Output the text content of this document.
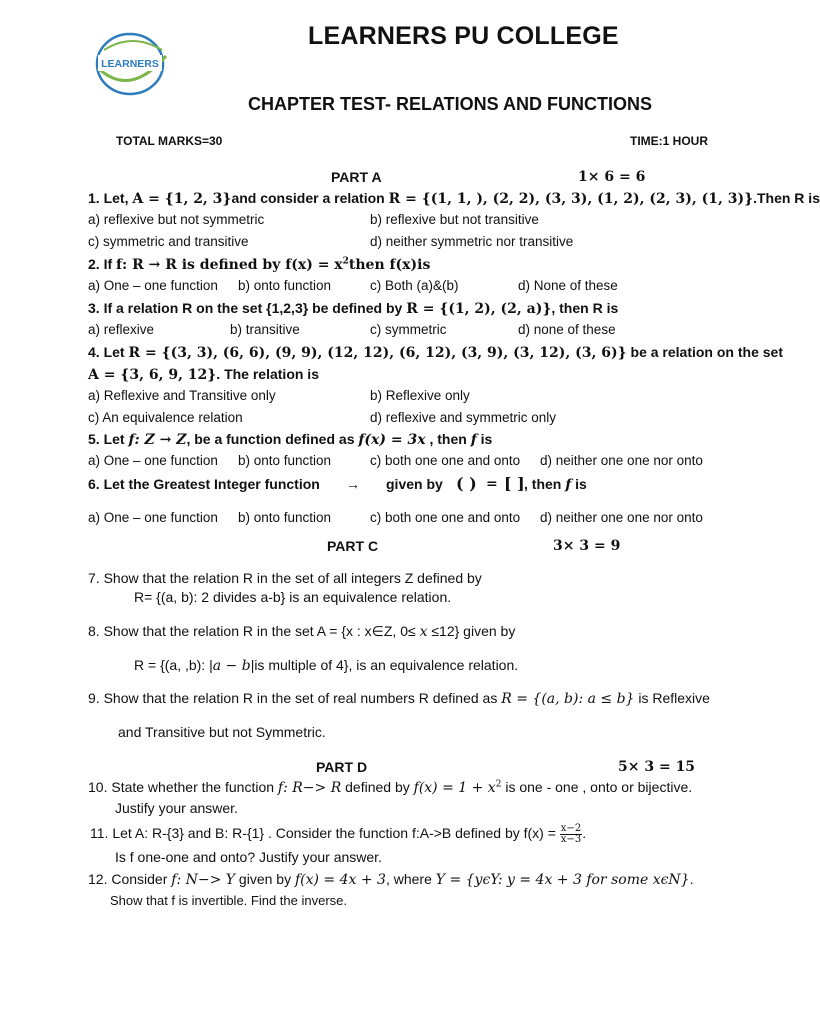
LEARNERS
LEARNERS PU COLLEGE
CHAPTER TEST- RELATIONS AND FUNCTIONS
TOTAL MARKS=30	TIME:1 HOUR
PART A	1× 6 = 6
1. Let, A = {1, 2, 3}and consider a relation R = {(1, 1, ), (2, 2), (3, 3), (1, 2), (2, 3), (1, 3)}.Then R is
a) reflexive but not symmetric	b) reflexive but not transitive
c) symmetric and transitive	d) neither symmetric nor transitive
2. If f: R → R is defined by $f(x) = x^2then$ f(x)is
a) One – one function b) onto function	c) Both (a)&(b)	d) None of these
3. If a relation R on the set {1,2,3} be defined by R = {(1, 2), (2, a)}, then R is
a) reflexive	b) transitive	c) symmetric	d) none of these
4. Let R = {(3, 3), (6, 6), (9, 9), (12, 12), (6, 12), (3, 9), (3, 12), (3, 6)} be a relation on the set
A = {3, 6, 9, 12}. The relation is
a) Reflexive and Transitive only	b) Reflexive only
c) An equivalence relation	d) reflexive and symmetric only
5. Let f: Z → Z, be a function defined as f(x) = 3x , then f is
a) One – one function b) onto function	c) both one one and onto d) neither one one nor onto
6. Let the Greatest Integer function → given by ( ) = [ ] , then f is
a) One – one function b) onto function	c) both one one and onto d) neither one one nor onto
PART C	3× 3 = 9
7. Show that the relation R in the set of all integers Z defined by
R= {(a, b): 2 divides a-b} is an equivalence relation.
8. Show that the relation R in the set A = {x : x∈Z, 0≤ x ≤12} given by
R = {(a, ,b): |a − b|is multiple of 4}, is an equivalence relation.
9. Show that the relation R in the set of real numbers R defined as R = {(a, b): a ≤ b} is Reflexive
and Transitive but not Symmetric.
PART D	5× 3 = 15
10. State whether the function f: R−> R defined by $f(x) = 1 + x^2$ is one - one , onto or bijective.
Justify your answer.
11. Let A: R-{3} and B: R-{1} . Consider the function f:A->B defined by $f(x) = \frac{x-2}{x-3}$ .
Is f one-one and onto? Justify your answer.
12. Consider f: N−> Y given by f(x) = 4x + 3, where Y = {yϵY: y = 4x + 3 for some xϵN}.
Show that f is invertible. Find the inverse.
